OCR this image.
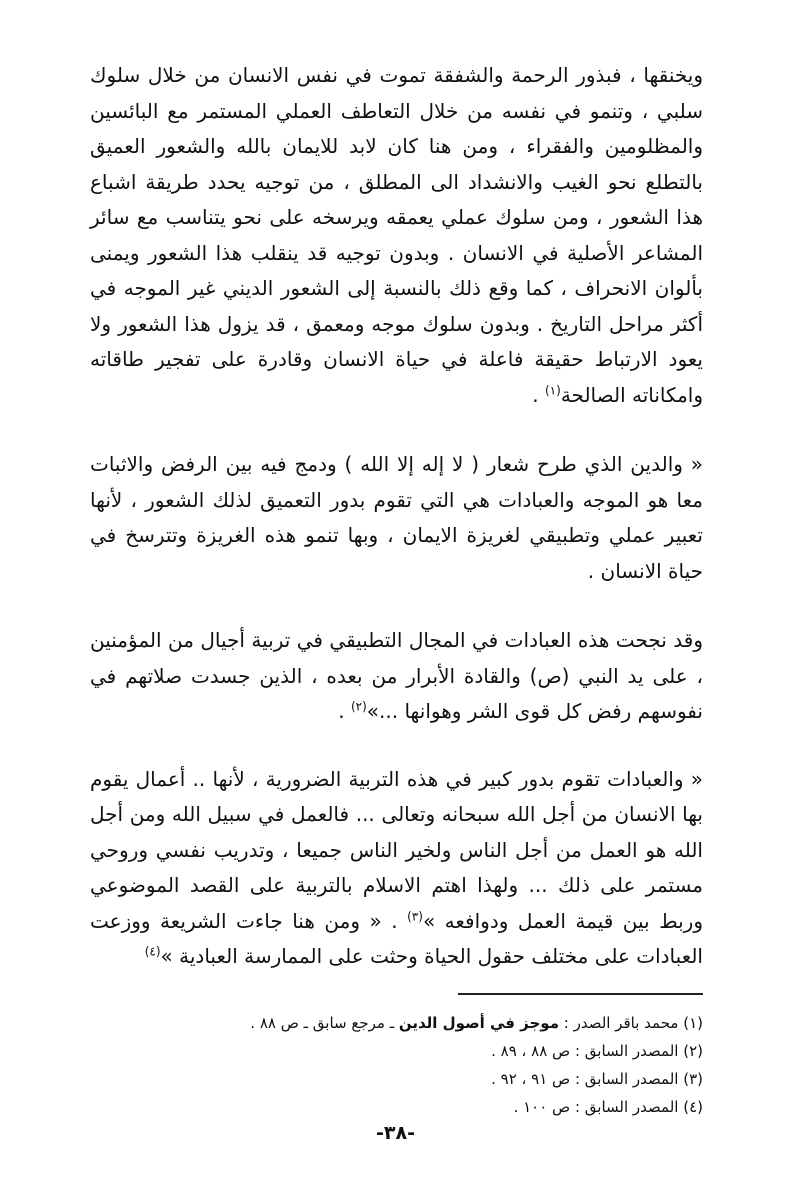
ويخنقها ، فبذور الرحمة والشفقة تموت في نفس الانسان من خلال سلوك سلبي ، وتنمو في نفسه من خلال التعاطف العملي المستمر مع البائسين والمظلومين والفقراء ، ومن هنا كان لابد للايمان بالله والشعور العميق بالتطلع نحو الغيب والانشداد الى المطلق ، من توجيه يحدد طريقة اشباع هذا الشعور ، ومن سلوك عملي يعمقه ويرسخه على نحو يتناسب مع سائر المشاعر الأصلية في الانسان . وبدون توجيه قد ينقلب هذا الشعور ويمنى بألوان الانحراف ، كما وقع ذلك بالنسبة إلى الشعور الديني غير الموجه في أكثر مراحل التاريخ . وبدون سلوك موجه ومعمق ، قد يزول هذا الشعور ولا يعود الارتباط حقيقة فاعلة في حياة الانسان وقادرة على تفجير طاقاته وامكاناته الصالحة$^{(١)}$ .

« والدين الذي طرح شعار ( لا إله إلا الله ) ودمج فيه بين الرفض والاثبات معا هو الموجه والعبادات هي التي تقوم بدور التعميق لذلك الشعور ، لأنها تعبير عملي وتطبيقي لغريزة الايمان ، وبها تنمو هذه الغريزة وتترسخ في حياة الانسان .

وقد نجحت هذه العبادات في المجال التطبيقي في تربية أجيال من المؤمنين ، على يد النبي (ص) والقادة الأبرار من بعده ، الذين جسدت صلاتهم في نفوسهم رفض كل قوى الشر وهوانها ...»$^{(٢)}$ .

« والعبادات تقوم بدور كبير في هذه التربية الضرورية ، لأنها .. أعمال يقوم بها الانسان من أجل الله سبحانه وتعالى ... فالعمل في سبيل الله ومن أجل الله هو العمل من أجل الناس ولخير الناس جميعا ، وتدريب نفسي وروحي مستمر على ذلك ... ولهذا اهتم الاسلام بالتربية على القصد الموضوعي وربط بين قيمة العمل ودوافعه »$^{(٣)}$ . « ومن هنا جاءت الشريعة ووزعت العبادات على مختلف حقول الحياة وحثت على الممارسة العبادية »$^{(٤)}$

(١) محمد باقر الصدر : موجز في أصول الدين ـ مرجع سابق ـ ص ٨٨ .
(٢) المصدر السابق : ص ٨٨ ، ٨٩ .
(٣) المصدر السابق : ص ٩١ ، ٩٢ .
(٤) المصدر السابق : ص ١٠٠ .
-٣٨-
